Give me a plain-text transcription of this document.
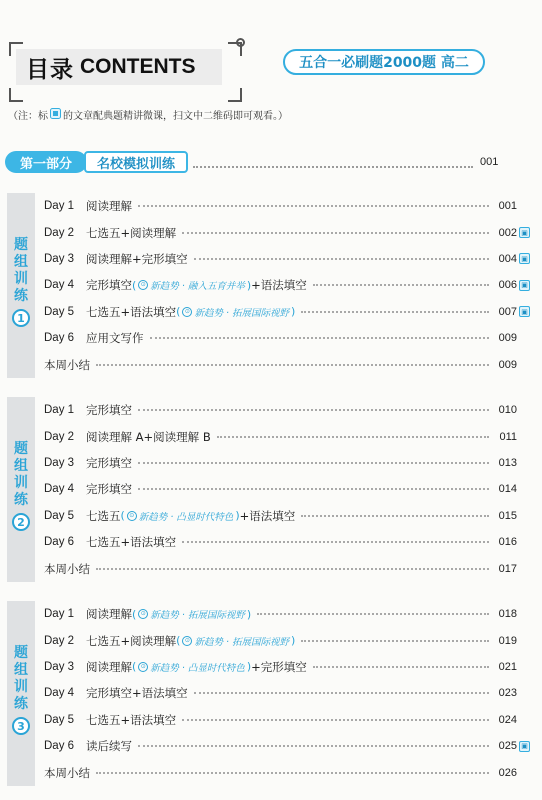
目录 CONTENTS	五合一必刷题2000题 高二
（注：标 的文章配典题精讲微课，扫文中二维码即可观看。）
第一部分	名校模拟训练	001
题
组
训
练
1
Day 1	阅读理解	001
Day 2	七选五+阅读理解	002 ▣
Day 3	阅读理解+完形填空	004 ▣
Day 4	完形填空 ( ⊙ 新趋势 · 融入五育并举 ) +语法填空	006 ▣
Day 5	七选五+语法填空 ( ⊙ 新趋势 · 拓展国际视野 )	007 ▣
Day 6	应用文写作	009
本周小结	009
题
组
训
练
2
Day 1	完形填空	010
Day 2	阅读理解 A+阅读理解 B	011
Day 3	完形填空	013
Day 4	完形填空	014
Day 5	七选五 ( ⊙ 新趋势 · 凸显时代特色 ) +语法填空	015
Day 6	七选五+语法填空	016
本周小结	017
题
组
训
练
3
Day 1	阅读理解 ( ⊙ 新趋势 · 拓展国际视野 )	018
Day 2	七选五+阅读理解 ( ⊙ 新趋势 · 拓展国际视野 )	019
Day 3	阅读理解 ( ⊙ 新趋势 · 凸显时代特色 ) +完形填空	021
Day 4	完形填空+语法填空	023
Day 5	七选五+语法填空	024
Day 6	读后续写	025 ▣
本周小结	026
